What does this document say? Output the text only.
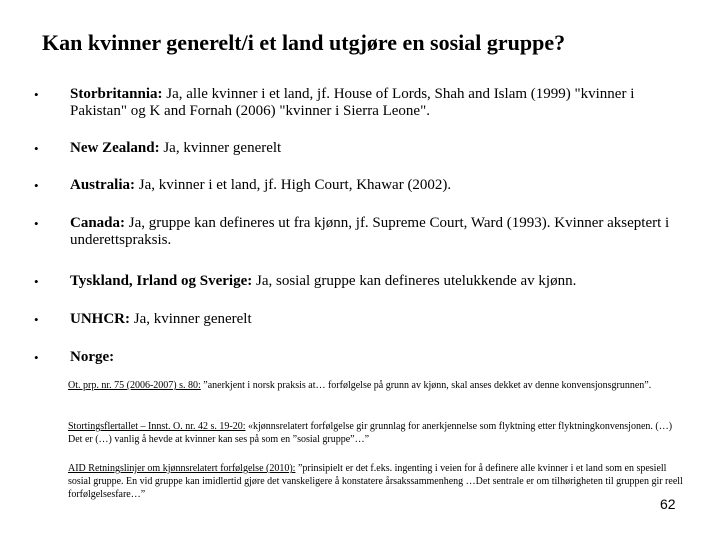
Kan kvinner generelt/i et land utgjøre en sosial gruppe?
•	Storbritannia: Ja, alle kvinner i et land, jf. House of Lords, Shah and Islam (1999) "kvinner i Pakistan" og K and Fornah (2006) "kvinner i Sierra Leone".
•	New Zealand: Ja, kvinner generelt
•	Australia: Ja, kvinner i et land, jf. High Court, Khawar (2002).
•	Canada: Ja, gruppe kan defineres ut fra kjønn, jf. Supreme Court, Ward (1993). Kvinner akseptert i underettspraksis.
•	Tyskland, Irland og Sverige: Ja, sosial gruppe kan defineres utelukkende av kjønn.
•	UNHCR: Ja, kvinner generelt
•	Norge:
Ot. prp. nr. 75 (2006-2007) s. 80: ”anerkjent i norsk praksis at… forfølgelse på grunn av kjønn, skal anses dekket av denne konvensjonsgrunnen”.
Stortingsflertallet – Innst. O. nr. 42 s. 19-20: «kjønnsrelatert forfølgelse gir grunnlag for anerkjennelse som flyktning etter flyktningkonvensjonen. (…) Det er (…) vanlig å hevde at kvinner kan ses på som en ”sosial gruppe”…”
AID Retningslinjer om kjønnsrelatert forfølgelse (2010): ”prinsipielt er det f.eks. ingenting i veien for å definere alle kvinner i et land som en spesiell sosial gruppe. En vid gruppe kan imidlertid gjøre det vanskeligere å konstatere årsakssammenheng …Det sentrale er om tilhørigheten til gruppen gir reell forfølgelsesfare…”
62
